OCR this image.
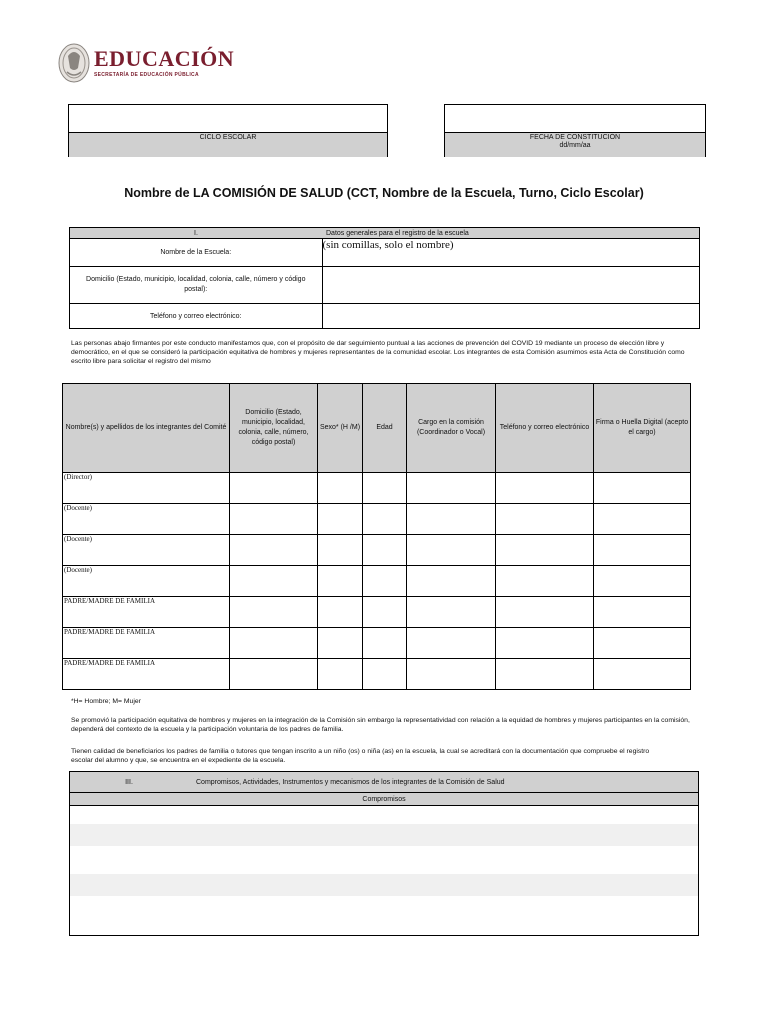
EDUCACIÓN
SECRETARÍA DE EDUCACIÓN PÚBLICA
CICLO ESCOLAR	FECHA DE CONSTITUCIÓN
dd/mm/aa
Nombre de LA COMISIÓN DE SALUD (CCT, Nombre de la Escuela, Turno, Ciclo Escolar)
I.	Datos generales para el registro de la escuela
Nombre de la Escuela:	(sin comillas, solo el nombre)
Domicilio (Estado, municipio, localidad, colonia, calle, número y código postal):	
Teléfono y correo electrónico:	
Las personas abajo firmantes por este conducto manifestamos que, con el propósito de dar seguimiento puntual a las acciones de prevención del COVID 19 mediante un proceso de elección libre y democrático, en el que se consideró la participación equitativa de hombres y mujeres representantes de la comunidad escolar. Los integrantes de esta Comisión asumimos esta Acta de Constitución como escrito libre para solicitar el registro del mismo
Nombre(s) y apellidos de los integrantes del Comité	Domicilio (Estado, municipio, localidad, colonia, calle, número, código postal)	Sexo* (H /M)	Edad	Cargo en la comisión (Coordinador o Vocal)	Teléfono y correo electrónico	Firma o Huella Digital (acepto el cargo)

(Director)						

(Docente)						

(Docente)						

(Docente)						

PADRE/MADRE DE FAMILIA						

PADRE/MADRE DE FAMILIA						

PADRE/MADRE DE FAMILIA						

*H= Hombre; M= Mujer
Se promovió la participación equitativa de hombres y mujeres en la integración de la Comisión sin embargo la representatividad con relación a la equidad de hombres y mujeres participantes en la comisión, dependerá del contexto de la escuela y la participación voluntaria de los padres de familia.
Tienen calidad de beneficiarios los padres de familia o tutores que tengan inscrito a un niño (os) o niña (as) en la escuela, la cual se acreditará con la documentación que compruebe el registro escolar del alumno y que, se encuentra en el expediente de la escuela.
III.	Compromisos, Actividades, Instrumentos y mecanismos de los integrantes de la Comisión de Salud
Compromisos
